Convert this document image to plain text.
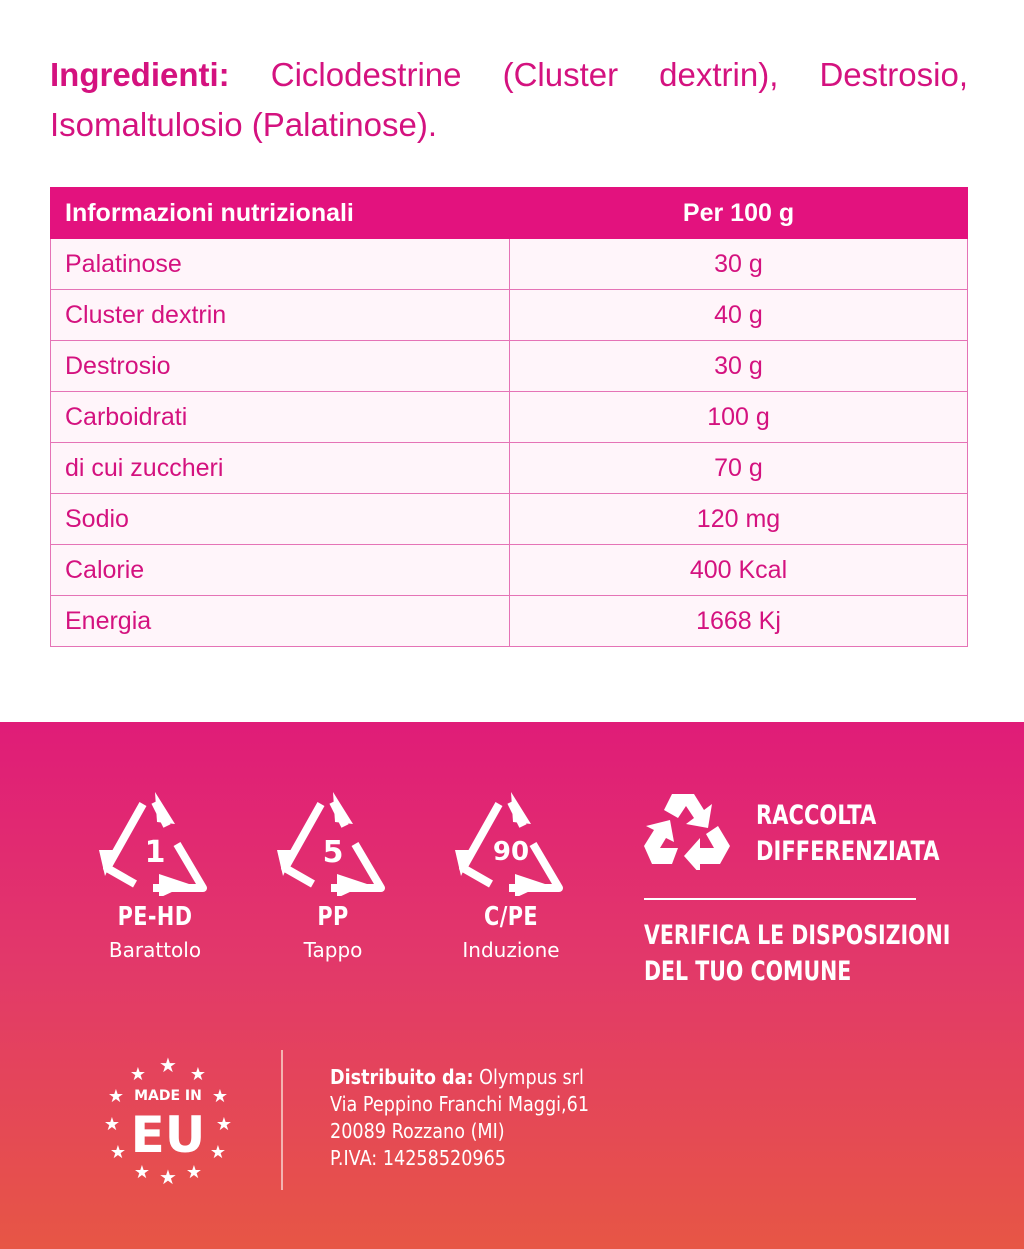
Ingredienti: Ciclodestrine (Cluster dextrin), Destrosio, Isomaltulosio (Palatinose).
Informazioni nutrizionali	Per 100 g
Palatinose	30 g
Cluster dextrin	40 g
Destrosio	30 g
Carboidrati	100 g
di cui zuccheri	70 g
Sodio	120 mg
Calorie	400 Kcal
Energia	1668 Kj
1
PE-HD
Barattolo
5
PP
Tappo
90
C/PE
Induzione
RACCOLTA
DIFFERENZIATA
VERIFICA LE DISPOSIZIONI
DEL TUO COMUNE
★
★ ★
★	★
★	★
★	★
★ ★
★
MADE IN
EU
Distribuito da: Olympus srl
Via Peppino Franchi Maggi,61
20089 Rozzano (MI)
P.IVA: 14258520965
